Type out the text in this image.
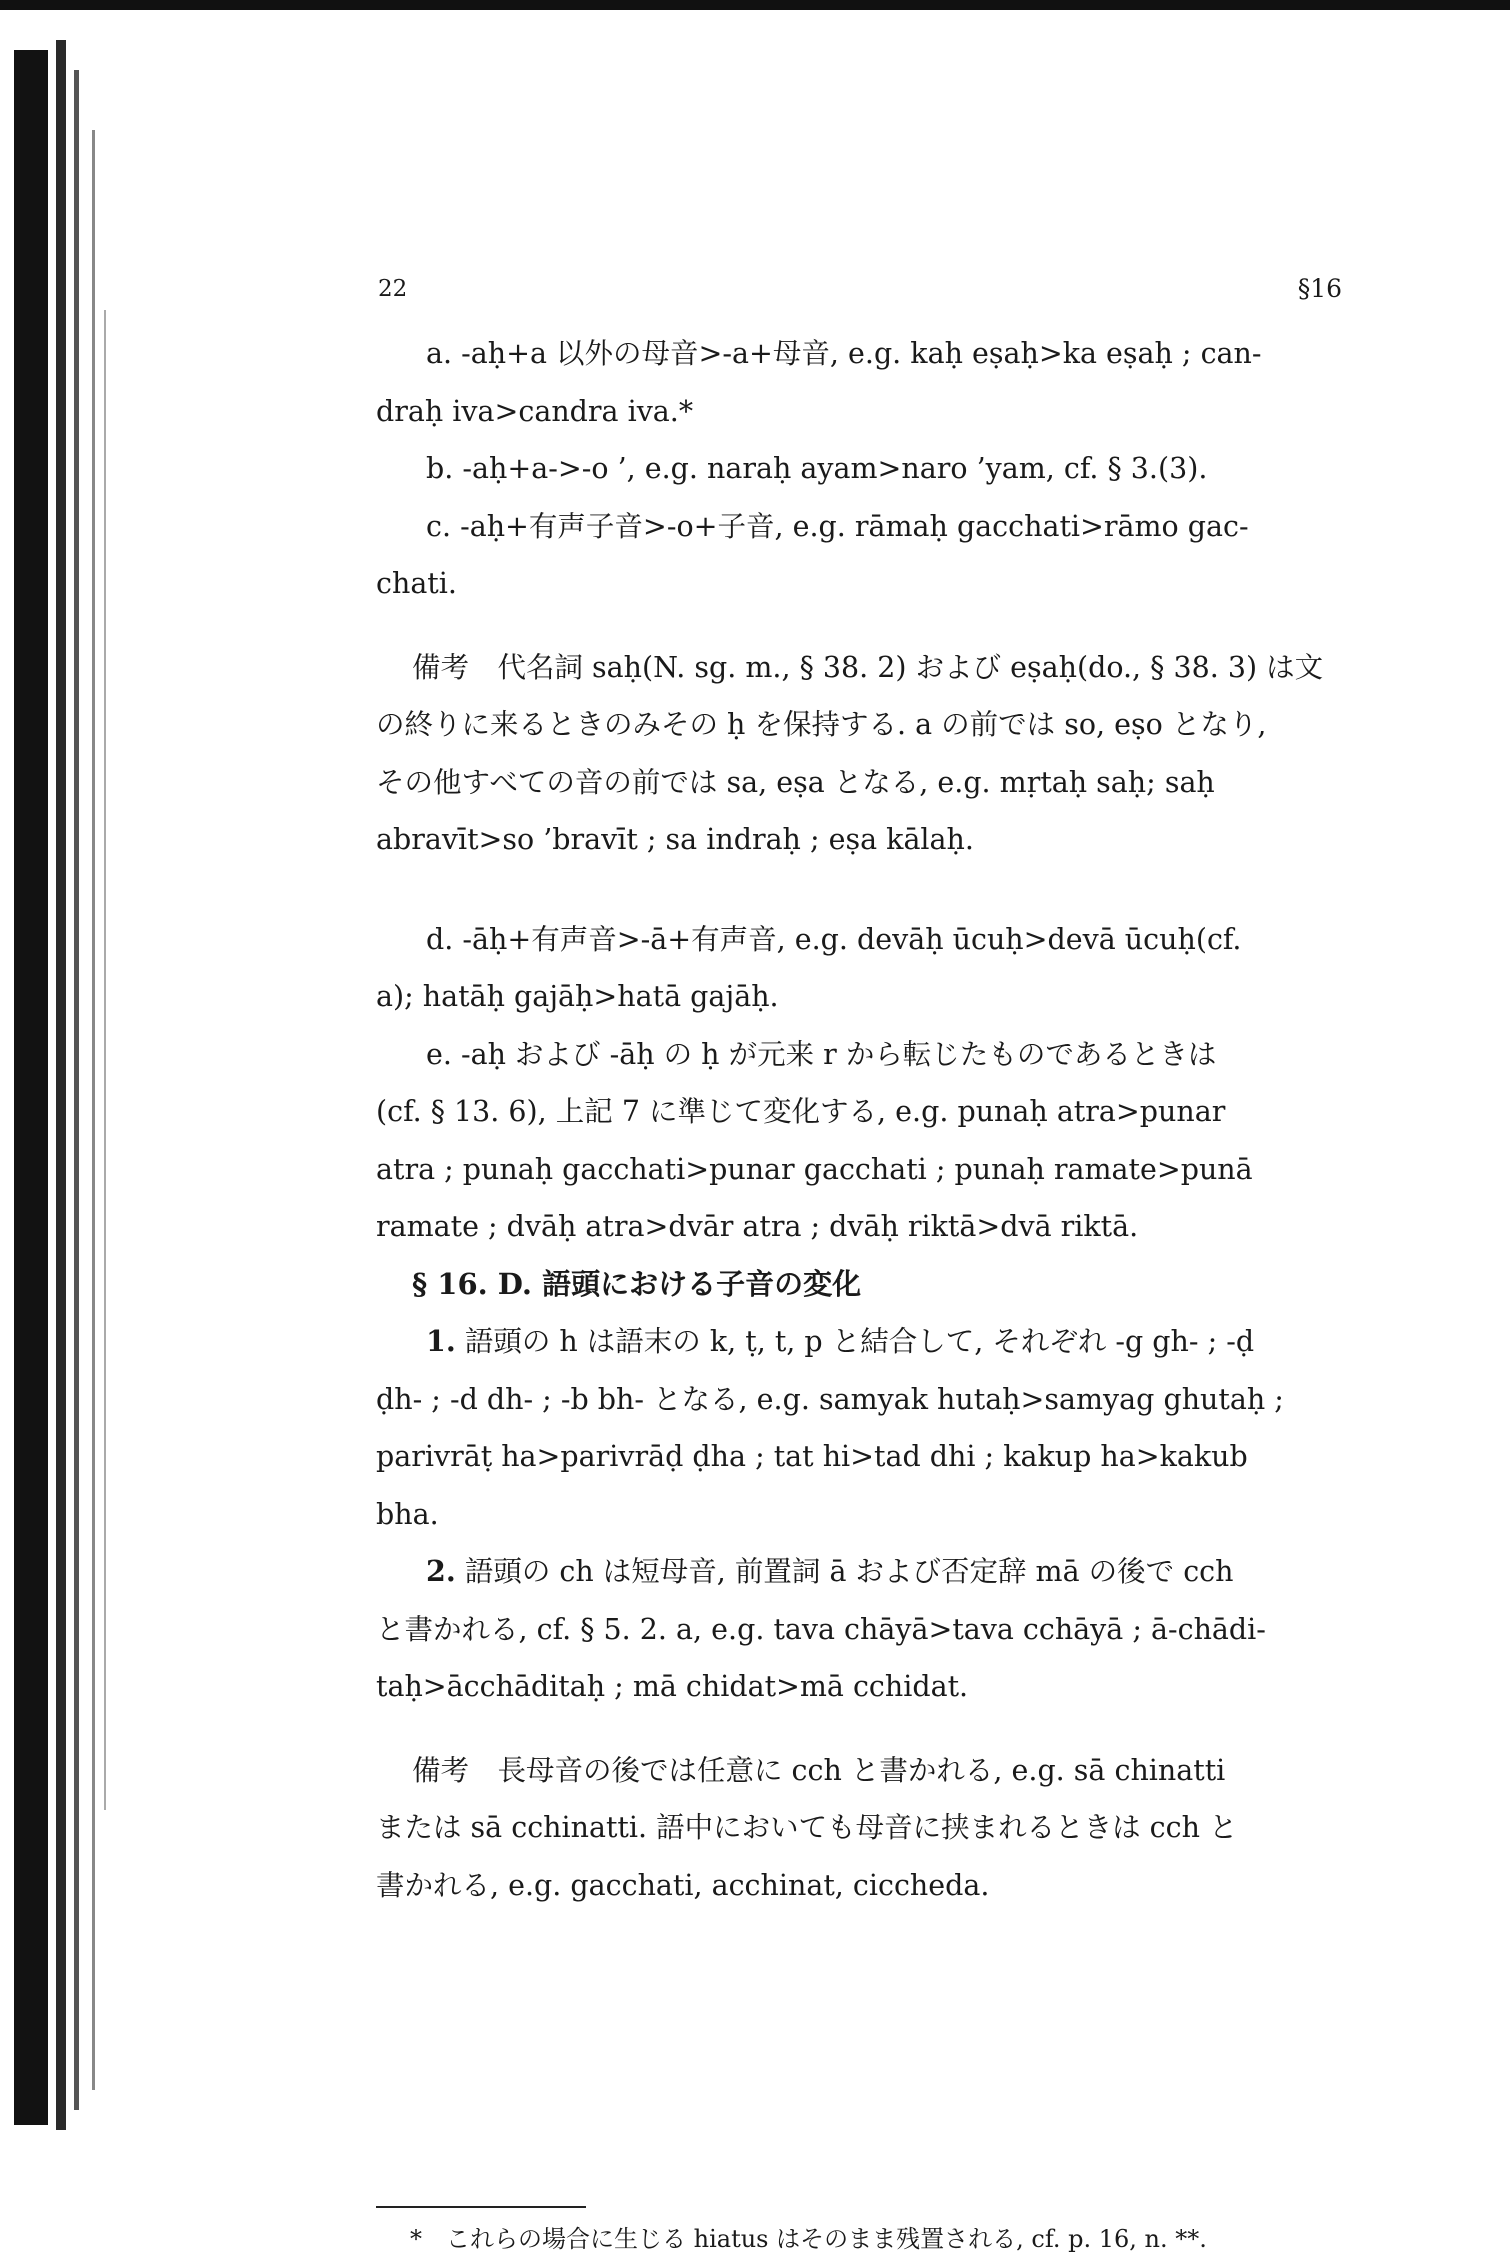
22	§16
a. -aḥ+a 以外の母音>-a+母音, e.g. kaḥ eṣaḥ>ka eṣaḥ ; can-
draḥ iva>candra iva.*
b. -aḥ+a->-o ’, e.g. naraḥ ayam>naro ’yam, cf. § 3.(3).
c. -aḥ+有声子音>-o+子音, e.g. rāmaḥ gacchati>rāmo gac-
chati.
備考　代名詞 saḥ(N. sg. m., § 38. 2) および eṣaḥ(do., § 38. 3) は文
の終りに来るときのみその ḥ を保持する. a の前では so, eṣo となり,
その他すべての音の前では sa, eṣa となる, e.g. mṛtaḥ saḥ; saḥ
abravīt>so ’bravīt ; sa indraḥ ; eṣa kālaḥ.
d. -āḥ+有声音>-ā+有声音, e.g. devāḥ ūcuḥ>devā ūcuḥ(cf.
a); hatāḥ gajāḥ>hatā gajāḥ.
e. -aḥ および -āḥ の ḥ が元来 r から転じたものであるときは
(cf. § 13. 6), 上記 7 に準じて変化する, e.g. punaḥ atra>punar
atra ; punaḥ gacchati>punar gacchati ; punaḥ ramate>punā
ramate ; dvāḥ atra>dvār atra ; dvāḥ riktā>dvā riktā.
§ 16. D. 語頭における子音の変化
1. 語頭の h は語末の k, ṭ, t, p と結合して, それぞれ -g gh- ; -ḍ
ḍh- ; -d dh- ; -b bh- となる, e.g. samyak hutaḥ>samyag ghutaḥ ;
parivrāṭ ha>parivrāḍ ḍha ; tat hi>tad dhi ; kakup ha>kakub
bha.
2. 語頭の ch は短母音, 前置詞 ā および否定辞 mā の後で cch
と書かれる, cf. § 5. 2. a, e.g. tava chāyā>tava cchāyā ; ā-chādi-
taḥ>ācchāditaḥ ; mā chidat>mā cchidat.
備考　長母音の後では任意に cch と書かれる, e.g. sā chinatti
または sā cchinatti. 語中においても母音に挟まれるときは cch と
書かれる, e.g. gacchati, acchinat, ciccheda.
*　これらの場合に生じる hiatus はそのまま残置される, cf. p. 16, n. **.
